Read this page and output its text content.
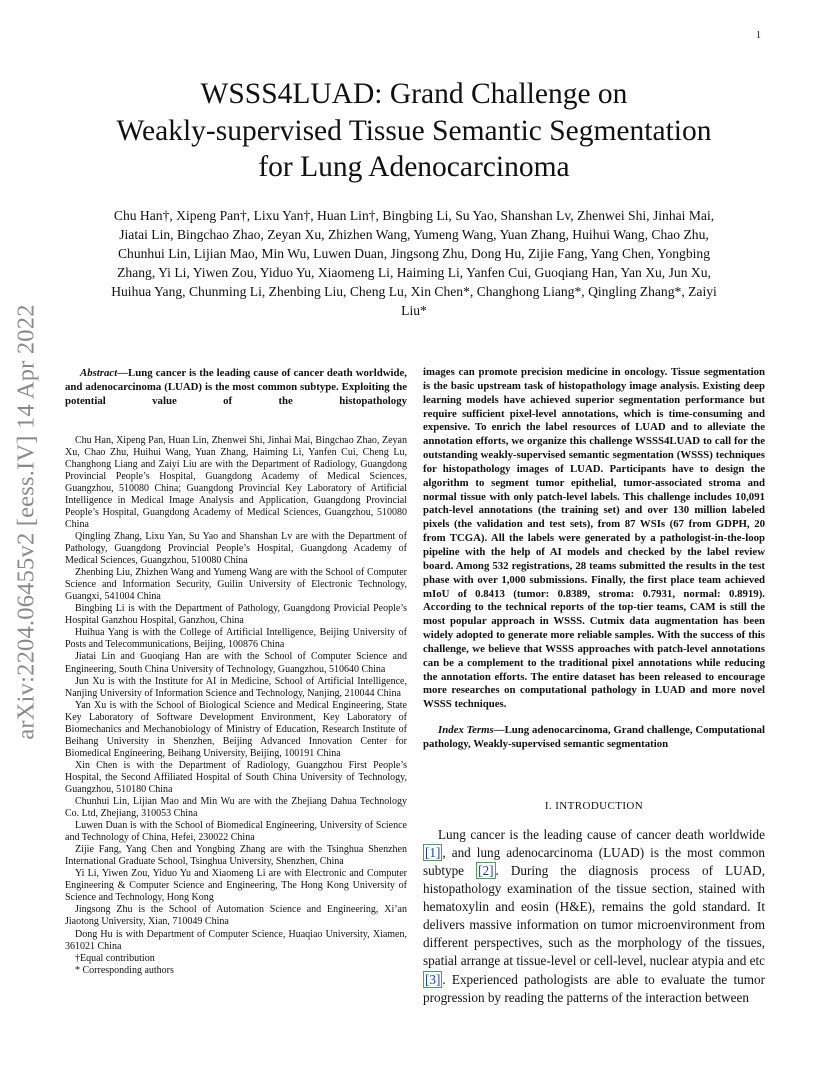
1
arXiv:2204.06455v2 [eess.IV] 14 Apr 2022
WSSS4LUAD: Grand Challenge on
Weakly-supervised Tissue Semantic Segmentation
for Lung Adenocarcinoma
Chu Han†, Xipeng Pan†, Lixu Yan†, Huan Lin†, Bingbing Li, Su Yao, Shanshan Lv, Zhenwei Shi, Jinhai Mai,
Jiatai Lin, Bingchao Zhao, Zeyan Xu, Zhizhen Wang, Yumeng Wang, Yuan Zhang, Huihui Wang, Chao Zhu,
Chunhui Lin, Lijian Mao, Min Wu, Luwen Duan, Jingsong Zhu, Dong Hu, Zijie Fang, Yang Chen, Yongbing
Zhang, Yi Li, Yiwen Zou, Yiduo Yu, Xiaomeng Li, Haiming Li, Yanfen Cui, Guoqiang Han, Yan Xu, Jun Xu,
Huihua Yang, Chunming Li, Zhenbing Liu, Cheng Lu, Xin Chen*, Changhong Liang*, Qingling Zhang*, Zaiyi
Liu*

Abstract—Lung cancer is the leading cause of cancer death worldwide, and adenocarcinoma (LUAD) is the most common subtype. Exploiting the potential value of the histopathology

Chu Han, Xipeng Pan, Huan Lin, Zhenwei Shi, Jinhai Mai, Bingchao Zhao, Zeyan Xu, Chao Zhu, Huihui Wang, Yuan Zhang, Haiming Li, Yanfen Cui, Cheng Lu, Changhong Liang and Zaiyi Liu are with the Department of Radiology, Guangdong Provincial People’s Hospital, Guangdong Academy of Medical Sciences, Guangzhou, 510080 China; Guangdong Provincial Key Laboratory of Artificial Intelligence in Medical Image Analysis and Application, Guangdong Provincial People’s Hospital, Guangdong Academy of Medical Sciences, Guangzhou, 510080 China

Qingling Zhang, Lixu Yan, Su Yao and Shanshan Lv are with the Department of Pathology, Guangdong Provincial People’s Hospital, Guangdong Academy of Medical Sciences, Guangzhou, 510080 China

Zhenbing Liu, Zhizhen Wang and Yumeng Wang are with the School of Computer Science and Information Security, Guilin University of Electronic Technology, Guangxi, 541004 China

Bingbing Li is with the Department of Pathology, Guangdong Provicial People’s Hospital Ganzhou Hospital, Ganzhou, China

Huihua Yang is with the College of Artificial Intelligence, Beijing University of Posts and Telecommunications, Beijing, 100876 China

Jiatai Lin and Guoqiang Han are with the School of Computer Science and Engineering, South China University of Technology, Guangzhou, 510640 China

Jun Xu is with the Institute for AI in Medicine, School of Artificial Intelligence, Nanjing University of Information Science and Technology, Nanjing, 210044 China

Yan Xu is with the School of Biological Science and Medical Engineering, State Key Laboratory of Software Development Environment, Key Laboratory of Biomechanics and Mechanobiology of Ministry of Education, Research Institute of Beihang University in Shenzhen, Beijing Advanced Innovation Center for Biomedical Engineering, Beihang University, Beijing, 100191 China

Xin Chen is with the Department of Radiology, Guangzhou First People’s Hospital, the Second Affiliated Hospital of South China University of Technology, Guangzhou, 510180 China

Chunhui Lin, Lijian Mao and Min Wu are with the Zhejiang Dahua Technology Co. Ltd, Zhejiang, 310053 China

Luwen Duan is with the School of Biomedical Engineering, University of Science and Technology of China, Hefei, 230022 China

Zijie Fang, Yang Chen and Yongbing Zhang are with the Tsinghua Shenzhen International Graduate School, Tsinghua University, Shenzhen, China

Yi Li, Yiwen Zou, Yiduo Yu and Xiaomeng Li are with Electronic and Computer Engineering & Computer Science and Engineering, The Hong Kong University of Science and Technology, Hong Kong

Jingsong Zhu is the School of Automation Science and Engineering, Xi’an Jiaotong University, Xian, 710049 China

Dong Hu is with Department of Computer Science, Huaqiao University, Xiamen, 361021 China

†Equal contribution

* Corresponding authors

images can promote precision medicine in oncology. Tissue segmentation is the basic upstream task of histopathology image analysis. Existing deep learning models have achieved superior segmentation performance but require sufficient pixel-level annotations, which is time-consuming and expensive. To enrich the label resources of LUAD and to alleviate the annotation efforts, we organize this challenge WSSS4LUAD to call for the outstanding weakly-supervised semantic segmentation (WSSS) techniques for histopathology images of LUAD. Participants have to design the algorithm to segment tumor epithelial, tumor-associated stroma and normal tissue with only patch-level labels. This challenge includes 10,091 patch-level annotations (the training set) and over 130 million labeled pixels (the validation and test sets), from 87 WSIs (67 from GDPH, 20 from TCGA). All the labels were generated by a pathologist-in-the-loop pipeline with the help of AI models and checked by the label review board. Among 532 registrations, 28 teams submitted the results in the test phase with over 1,000 submissions. Finally, the first place team achieved mIoU of 0.8413 (tumor: 0.8389, stroma: 0.7931, normal: 0.8919). According to the technical reports of the top-tier teams, CAM is still the most popular approach in WSSS. Cutmix data augmentation has been widely adopted to generate more reliable samples. With the success of this challenge, we believe that WSSS approaches with patch-level annotations can be a complement to the traditional pixel annotations while reducing the annotation efforts. The entire dataset has been released to encourage more researches on computational pathology in LUAD and more novel WSSS techniques.

Index Terms—Lung adenocarcinoma, Grand challenge, Computational pathology, Weakly-supervised semantic segmentation

I. INTRODUCTION

Lung cancer is the leading cause of cancer death worldwide [1] , and lung adenocarcinoma (LUAD) is the most common subtype [2] . During the diagnosis process of LUAD, histopathology examination of the tissue section, stained with hematoxylin and eosin (H&E), remains the gold standard. It delivers massive information on tumor microenvironment from different perspectives, such as the morphology of the tissues, spatial arrange at tissue-level or cell-level, nuclear atypia and etc [3] . Experienced pathologists are able to evaluate the tumor progression by reading the patterns of the interaction between
